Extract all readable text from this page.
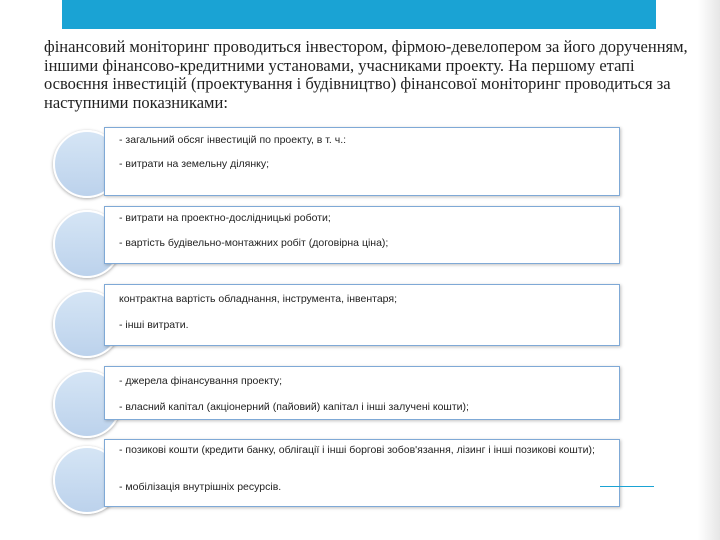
фінансовий моніторинг проводиться інвестором, фірмою-девелопером за його дорученням, іншими фінансово-кредитними установами, учасниками проекту. На першому етапі освоєння інвестицій (проектування і будівництво) фінансової моніторинг проводиться за наступними показниками:

- загальний обсяг інвестицій по проекту, в т. ч.:
- витрати на земельну ділянку;
- витрати на проектно-дослідницькі роботи;
- вартість будівельно-монтажних робіт (договірна ціна);
контрактна вартість обладнання, інструмента, інвентаря;
- інші витрати.
- джерела фінансування проекту;
- власний капітал (акціонерний (пайовий) капітал і інші залучені кошти);
- позикові кошти (кредити банку, облігації і інші боргові зобов'язання, лізинг і інші позикові кошти);
- мобілізація внутрішніх ресурсів.
